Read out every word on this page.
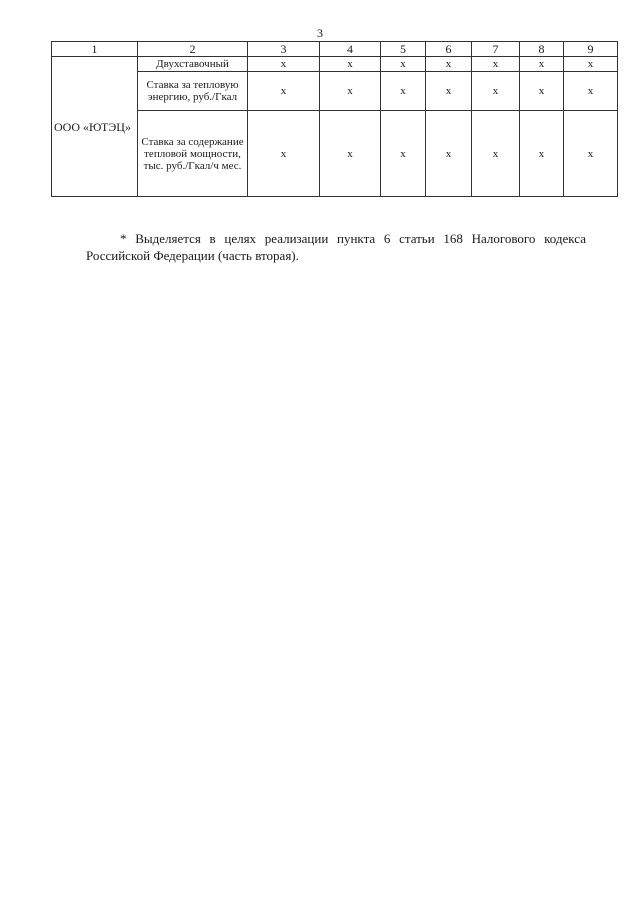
3
1	2	3	4	5	6	7	8	9
ООО «ЮТЭЦ»	Двухставочный	х	х	х	х	х	х	х
	Ставка за тепловую энергию, руб./Гкал	х	х	х	х	х	х	х
	Ставка за содержание тепловой мощности, тыс. руб./Гкал/ч мес.	х	х	х	х	х	х	х

* Выделяется в целях реализации пункта 6 статьи 168 Налогового кодекса Российской Федерации (часть вторая).
